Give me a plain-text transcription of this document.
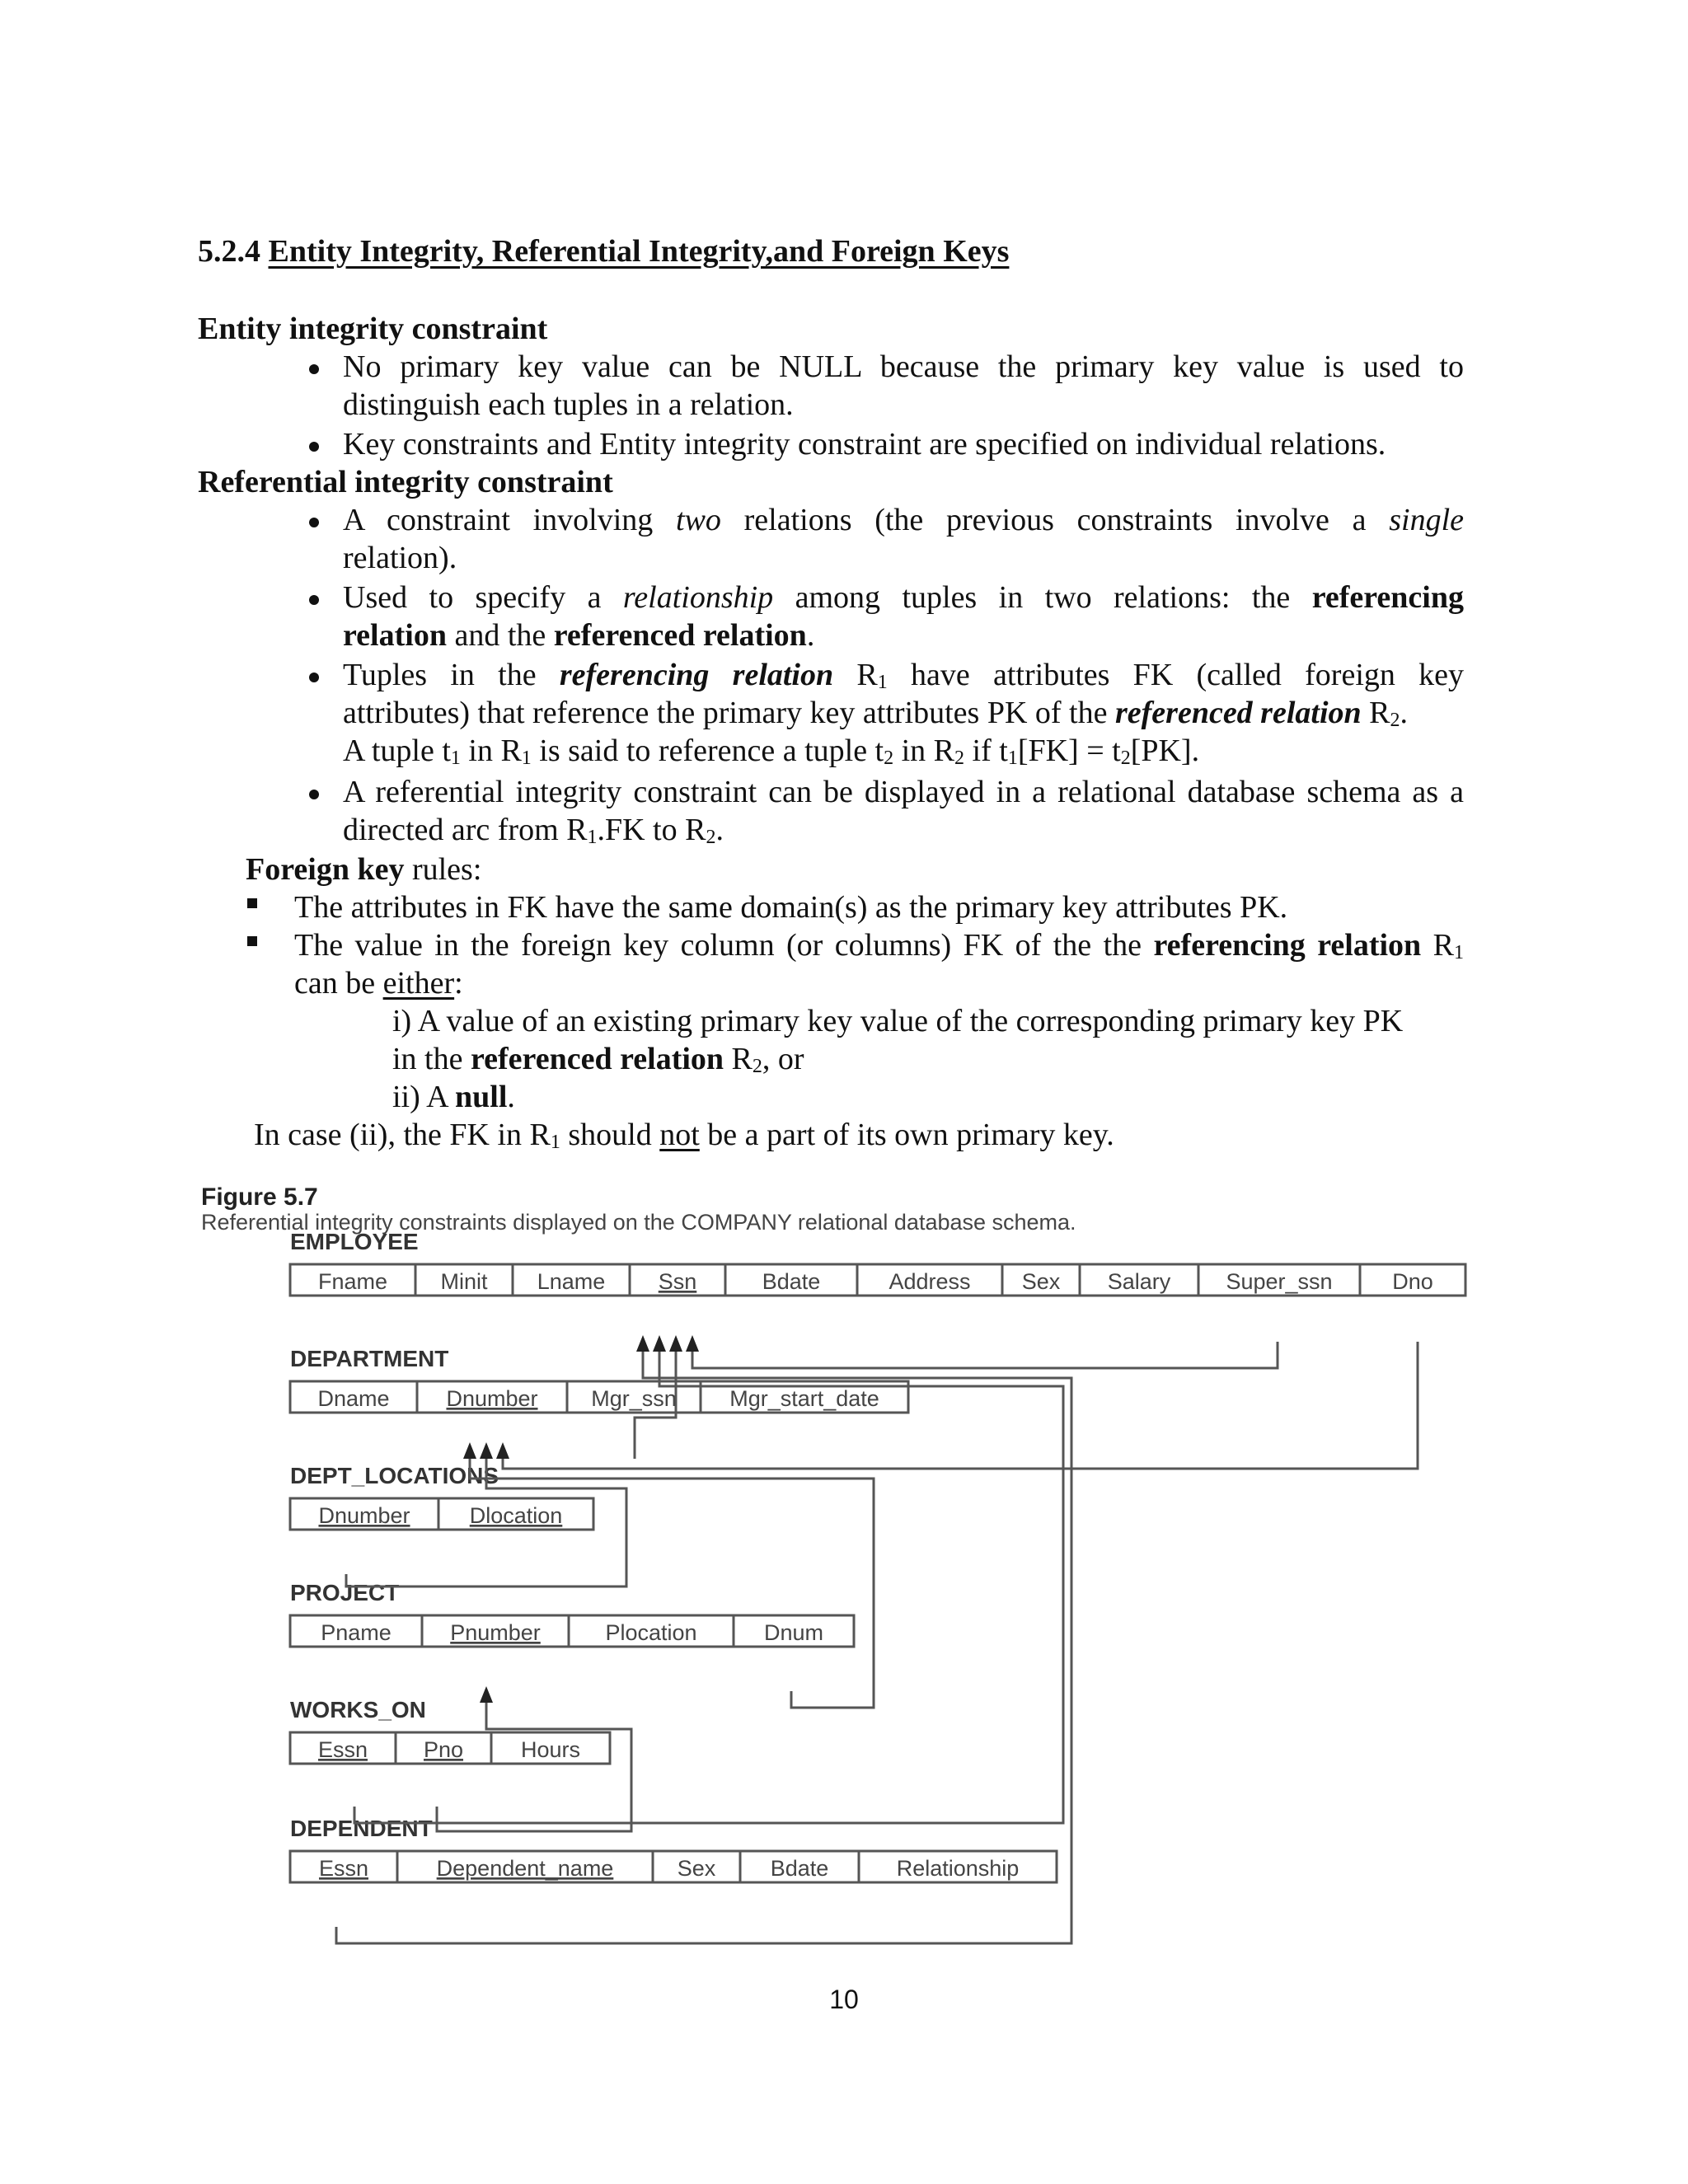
5.2.4 Entity Integrity, Referential Integrity,and Foreign Keys
Entity integrity constraint
No primary key value can be NULL because the primary key value is used to
distinguish each tuples in a relation.
Key constraints and Entity integrity constraint are specified on individual relations.
Referential integrity constraint
A constraint involving two relations (the previous constraints involve a single
relation).
Used to specify a relationship among tuples in two relations: the referencing
relation and the referenced relation.
Tuples in the referencing relation $R_1$ have attributes FK (called foreign key
attributes) that reference the primary key attributes PK of the referenced relation $R_2$.
A tuple $t_1$ in $R_1$ is said to reference a tuple $t_2$ in $R_2$ if $t_1[FK] = t_2[PK]$.
A referential integrity constraint can be displayed in a relational database schema as a
directed arc from $R_1.FK$ to $R_2$.
Foreign key rules:
The attributes in FK have the same domain(s) as the primary key attributes PK.
The value in the foreign key column (or columns) FK of the the referencing relation $R_1$
can be either:
i) A value of an existing primary key value of the corresponding primary key PK
in the referenced relation $R_2$, or
ii) A null.
In case (ii), the FK in $R_1$ should not be a part of its own primary key.
Figure 5.7
Referential integrity constraints displayed on the COMPANY relational database schema.
EMPLOYEE
Fname Minit Lname Ssn	Bdate	Address Sex Salary Super_ssn	Dno
DEPARTMENT
Dname	Dnumber Mgr_ssn Mgr_start_date
DEPT_LOCATIONS
Dnumber	Dlocation
PROJECT
Pname	Pnumber	Plocation	Dnum
WORKS_ON
Essn	Pno	Hours
DEPENDENT
Essn	Dependent_name	Sex Bdate	Relationship
10
